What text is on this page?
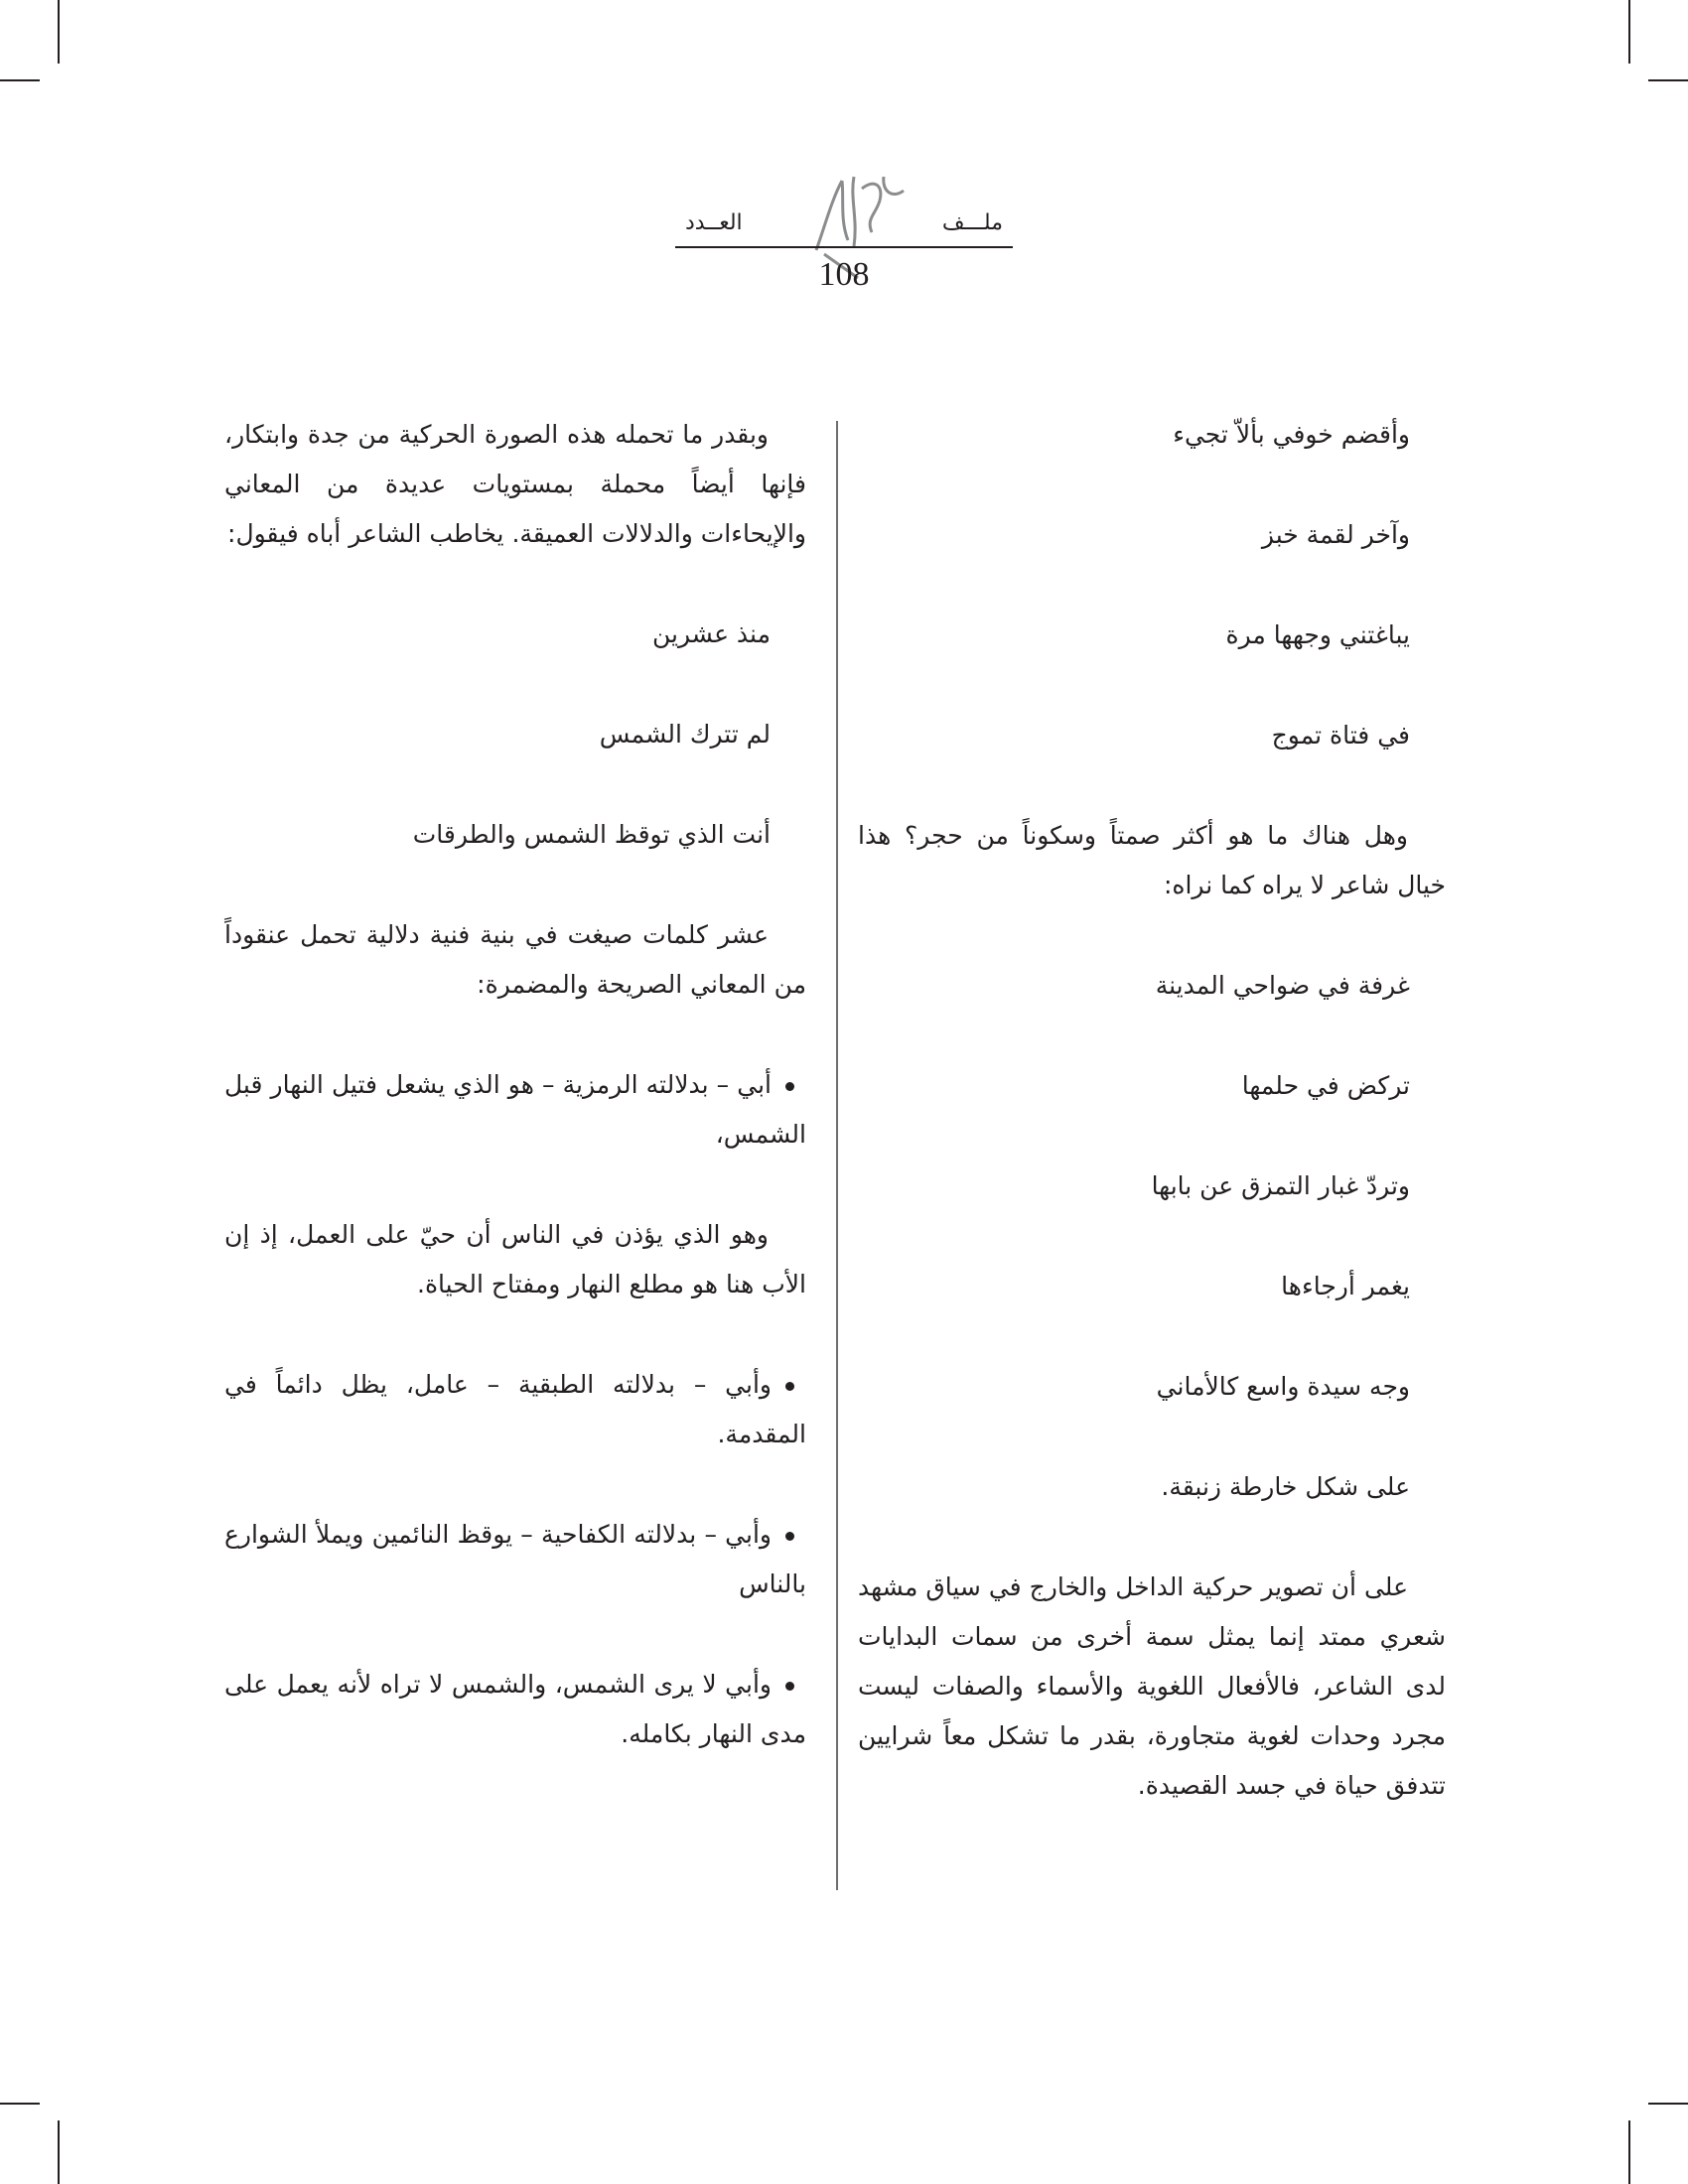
ملـــف
العــدد
108
وأقضم خوفي بألاّ تجيء
وآخر لقمة خبز
يباغتني وجهها مرة
في فتاة تموج
وهل هناك ما هو أكثر صمتاً وسكوناً من حجر؟ هذا خيال شاعر لا يراه كما نراه:
غرفة في ضواحي المدينة
تركض في حلمها
وتردّ غبار التمزق عن بابها
يغمر أرجاءها
وجه سيدة واسع كالأماني
على شكل خارطة زنبقة.
على أن تصوير حركية الداخل والخارج في سياق مشهد شعري ممتد إنما يمثل سمة أخرى من سمات البدايات لدى الشاعر، فالأفعال اللغوية والأسماء والصفات ليست مجرد وحدات لغوية متجاورة، بقدر ما تشكل معاً شرايين تتدفق حياة في جسد القصيدة.
وبقدر ما تحمله هذه الصورة الحركية من جدة وابتكار، فإنها أيضاً محملة بمستويات عديدة من المعاني والإيحاءات والدلالات العميقة. يخاطب الشاعر أباه فيقول:
منذ عشرين
لم تترك الشمس
أنت الذي توقظ الشمس والطرقات
عشر كلمات صيغت في بنية فنية دلالية تحمل عنقوداً من المعاني الصريحة والمضمرة:
أبي – بدلالته الرمزية – هو الذي يشعل فتيل النهار قبل الشمس،
وهو الذي يؤذن في الناس أن حيّ على العمل، إذ إن الأب هنا هو مطلع النهار ومفتاح الحياة.
وأبي – بدلالته الطبقية – عامل، يظل دائماً في المقدمة.
وأبي – بدلالته الكفاحية – يوقظ النائمين ويملأ الشوارع بالناس
وأبي لا يرى الشمس، والشمس لا تراه لأنه يعمل على مدى النهار بكامله.
